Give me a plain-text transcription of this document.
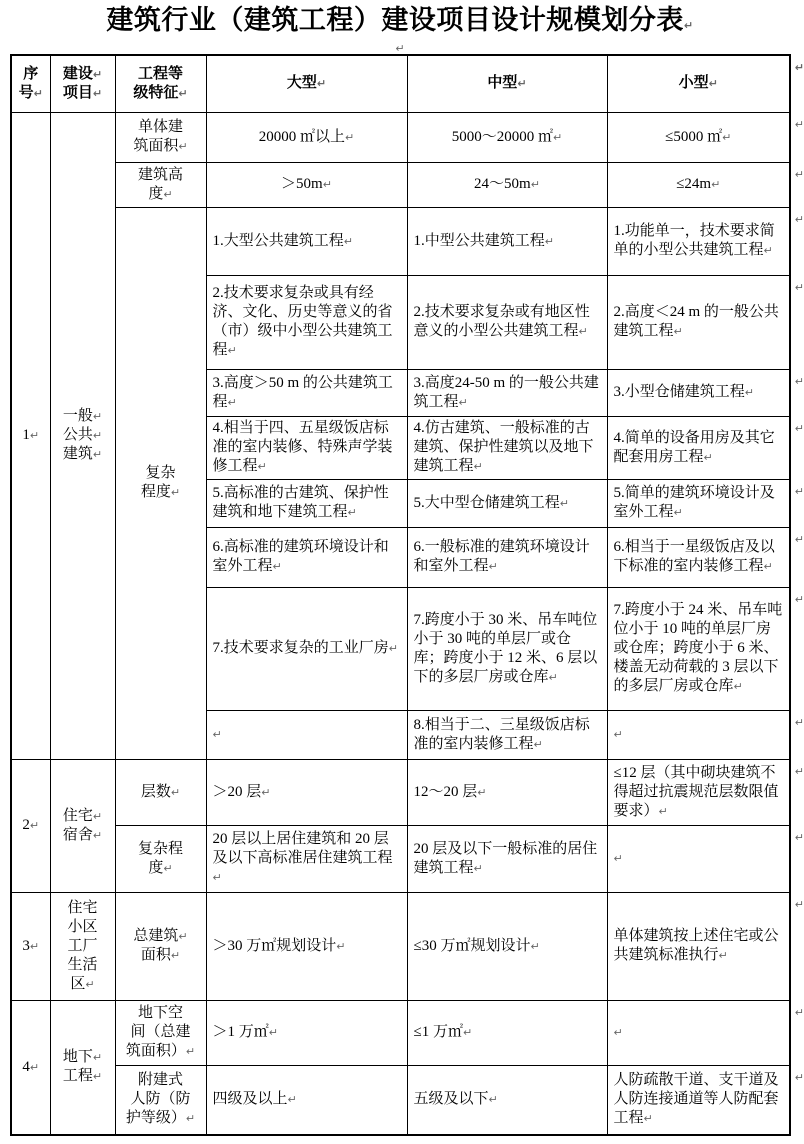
建筑行业（建筑工程）建设项目设计规模划分表↵
↵
序
号↵	建设↵
项目↵	工程等
级特征↵	大型↵	中型↵	小型↵
↵

1↵	一般↵
公共↵
建筑↵	单体建
筑面积↵	20000 ㎡以上↵	5000～20000 ㎡↵	≤5000 ㎡↵
↵

		建筑高
度↵	＞50m↵	24～50m↵	≤24m↵
↵

		复杂
程度↵	1.大型公共建筑工程↵	1.中型公共建筑工程↵	1.功能单一，技术要求简单的小型公共建筑工程↵
↵

			2.技术要求复杂或具有经济、文化、历史等意义的省（市）级中小型公共建筑工程↵	2.技术要求复杂或有地区性意义的小型公共建筑工程↵	2.高度＜24 m 的一般公共建筑工程↵
↵

			3.高度＞50 m 的公共建筑工程↵	3.高度24-50 m 的一般公共建筑工程↵	3.小型仓储建筑工程↵
↵

			4.相当于四、五星级饭店标准的室内装修、特殊声学装修工程↵	4.仿古建筑、一般标准的古建筑、保护性建筑以及地下建筑工程↵	4.简单的设备用房及其它配套用房工程↵
↵

			5.高标准的古建筑、保护性建筑和地下建筑工程↵	5.大中型仓储建筑工程↵	5.简单的建筑环境设计及室外工程↵
↵

			6.高标准的建筑环境设计和室外工程↵	6.一般标准的建筑环境设计和室外工程↵	6.相当于一星级饭店及以下标准的室内装修工程↵
↵

			7.技术要求复杂的工业厂房↵	7.跨度小于 30 米、吊车吨位小于 30 吨的单层厂或仓库；跨度小于 12 米、6 层以下的多层厂房或仓库↵	7.跨度小于 24 米、吊车吨位小于 10 吨的单层厂房或仓库；跨度小于 6 米、楼盖无动荷载的 3 层以下的多层厂房或仓库↵
↵

			↵	8.相当于二、三星级饭店标准的室内装修工程↵	↵
↵

2↵	住宅↵
宿舍↵	层数↵	＞20 层↵	12～20 层↵	≤12 层（其中砌块建筑不得超过抗震规范层数限值要求）↵
↵

		复杂程
度↵	20 层以上居住建筑和 20 层及以下高标准居住建筑工程↵	20 层及以下一般标准的居住建筑工程↵	↵
↵

3↵	住宅
小区
工厂
生活
区↵	总建筑↵
面积↵	＞30 万㎡规划设计↵	≤30 万㎡规划设计↵	单体建筑按上述住宅或公共建筑标准执行↵
↵

4↵	地下↵
工程↵	地下空
间（总建
筑面积）↵	＞1 万㎡↵	≤1 万㎡↵	↵
↵

		附建式
人防（防
护等级）↵	四级及以上↵	五级及以下↵	人防疏散干道、支干道及人防连接通道等人防配套工程↵
↵
